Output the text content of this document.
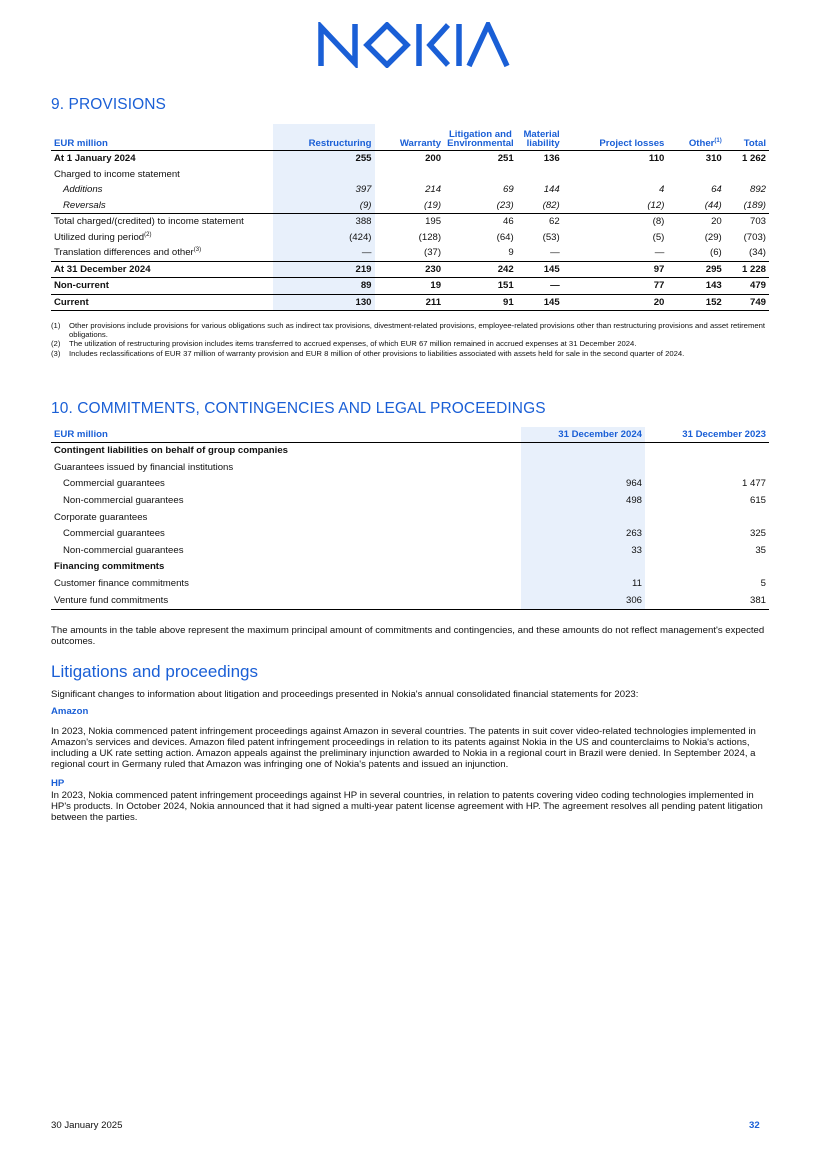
9. PROVISIONS
EUR million	Restructuring	Warranty	Litigation and Environmental	Material liability	Project losses	Other$^{(1)}$	Total
At 1 January 2024	255	200	251	136	110	310	1 262
Charged to income statement							
Additions	397	214	69	144	4	64	892
Reversals	(9)	(19)	(23)	(82)	(12)	(44)	(189)
Total charged/(credited) to income statement	388	195	46	62	(8)	20	703
Utilized during period$^{(2)}$	(424)	(128)	(64)	(53)	(5)	(29)	(703)
Translation differences and other$^{(3)}$	—	(37)	9	—	—	(6)	(34)
At 31 December 2024	219	230	242	145	97	295	1 228
Non-current	89	19	151	—	77	143	479
Current	130	211	91	145	20	152	749
(1)	Other provisions include provisions for various obligations such as indirect tax provisions, divestment-related provisions, employee-related provisions other than restructuring provisions and asset retirement obligations.
(2)	The utilization of restructuring provision includes items transferred to accrued expenses, of which EUR 67 million remained in accrued expenses at 31 December 2024.
(3)	Includes reclassifications of EUR 37 million of warranty provision and EUR 8 million of other provisions to liabilities associated with assets held for sale in the second quarter of 2024.
10. COMMITMENTS, CONTINGENCIES AND LEGAL PROCEEDINGS
EUR million	31 December 2024	31 December 2023
Contingent liabilities on behalf of group companies		
Guarantees issued by financial institutions		
Commercial guarantees	964	1 477
Non-commercial guarantees	498	615
Corporate guarantees		
Commercial guarantees	263	325
Non-commercial guarantees	33	35
Financing commitments		
Customer finance commitments	11	5
Venture fund commitments	306	381

The amounts in the table above represent the maximum principal amount of commitments and contingencies, and these amounts do not reflect management's expected outcomes.

Litigations and proceedings

Significant changes to information about litigation and proceedings presented in Nokia's annual consolidated financial statements for 2023:

Amazon

In 2023, Nokia commenced patent infringement proceedings against Amazon in several countries. The patents in suit cover video-related technologies implemented in Amazon's services and devices. Amazon filed patent infringement proceedings in relation to its patents against Nokia in the US and counterclaims to Nokia's actions, including a UK rate setting action. Amazon appeals against the preliminary injunction awarded to Nokia in a regional court in Brazil were denied. In September 2024, a regional court in Germany ruled that Amazon was infringing one of Nokia's patents and issued an injunction.

HP

In 2023, Nokia commenced patent infringement proceedings against HP in several countries, in relation to patents covering video coding technologies implemented in HP's products. In October 2024, Nokia announced that it had signed a multi-year patent license agreement with HP. The agreement resolves all pending patent litigation between the parties.

30 January 2025	32
